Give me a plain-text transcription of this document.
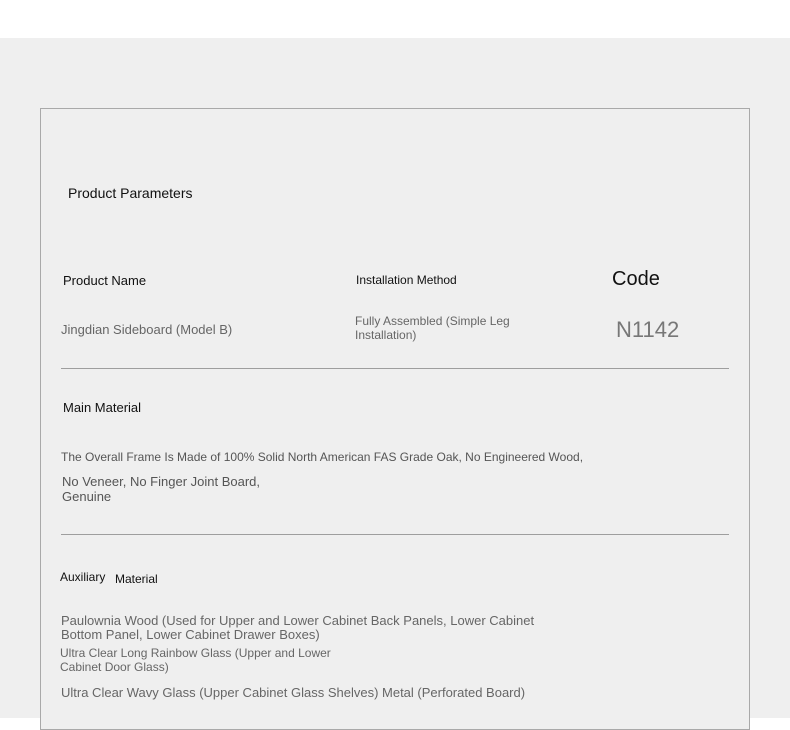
Product Parameters
Product Name
Jingdian Sideboard (Model B)
Installation Method
Fully Assembled (Simple Leg
Installation)
Code
N1142
Main Material
The Overall Frame Is Made of 100% Solid North American FAS Grade Oak, No Engineered Wood,
No Veneer, No Finger Joint Board,
Genuine
Auxiliary Material
Paulownia Wood (Used for Upper and Lower Cabinet Back Panels, Lower Cabinet
Bottom Panel, Lower Cabinet Drawer Boxes)
Ultra Clear Long Rainbow Glass (Upper and Lower
Cabinet Door Glass)
Ultra Clear Wavy Glass (Upper Cabinet Glass Shelves) Metal (Perforated Board)
